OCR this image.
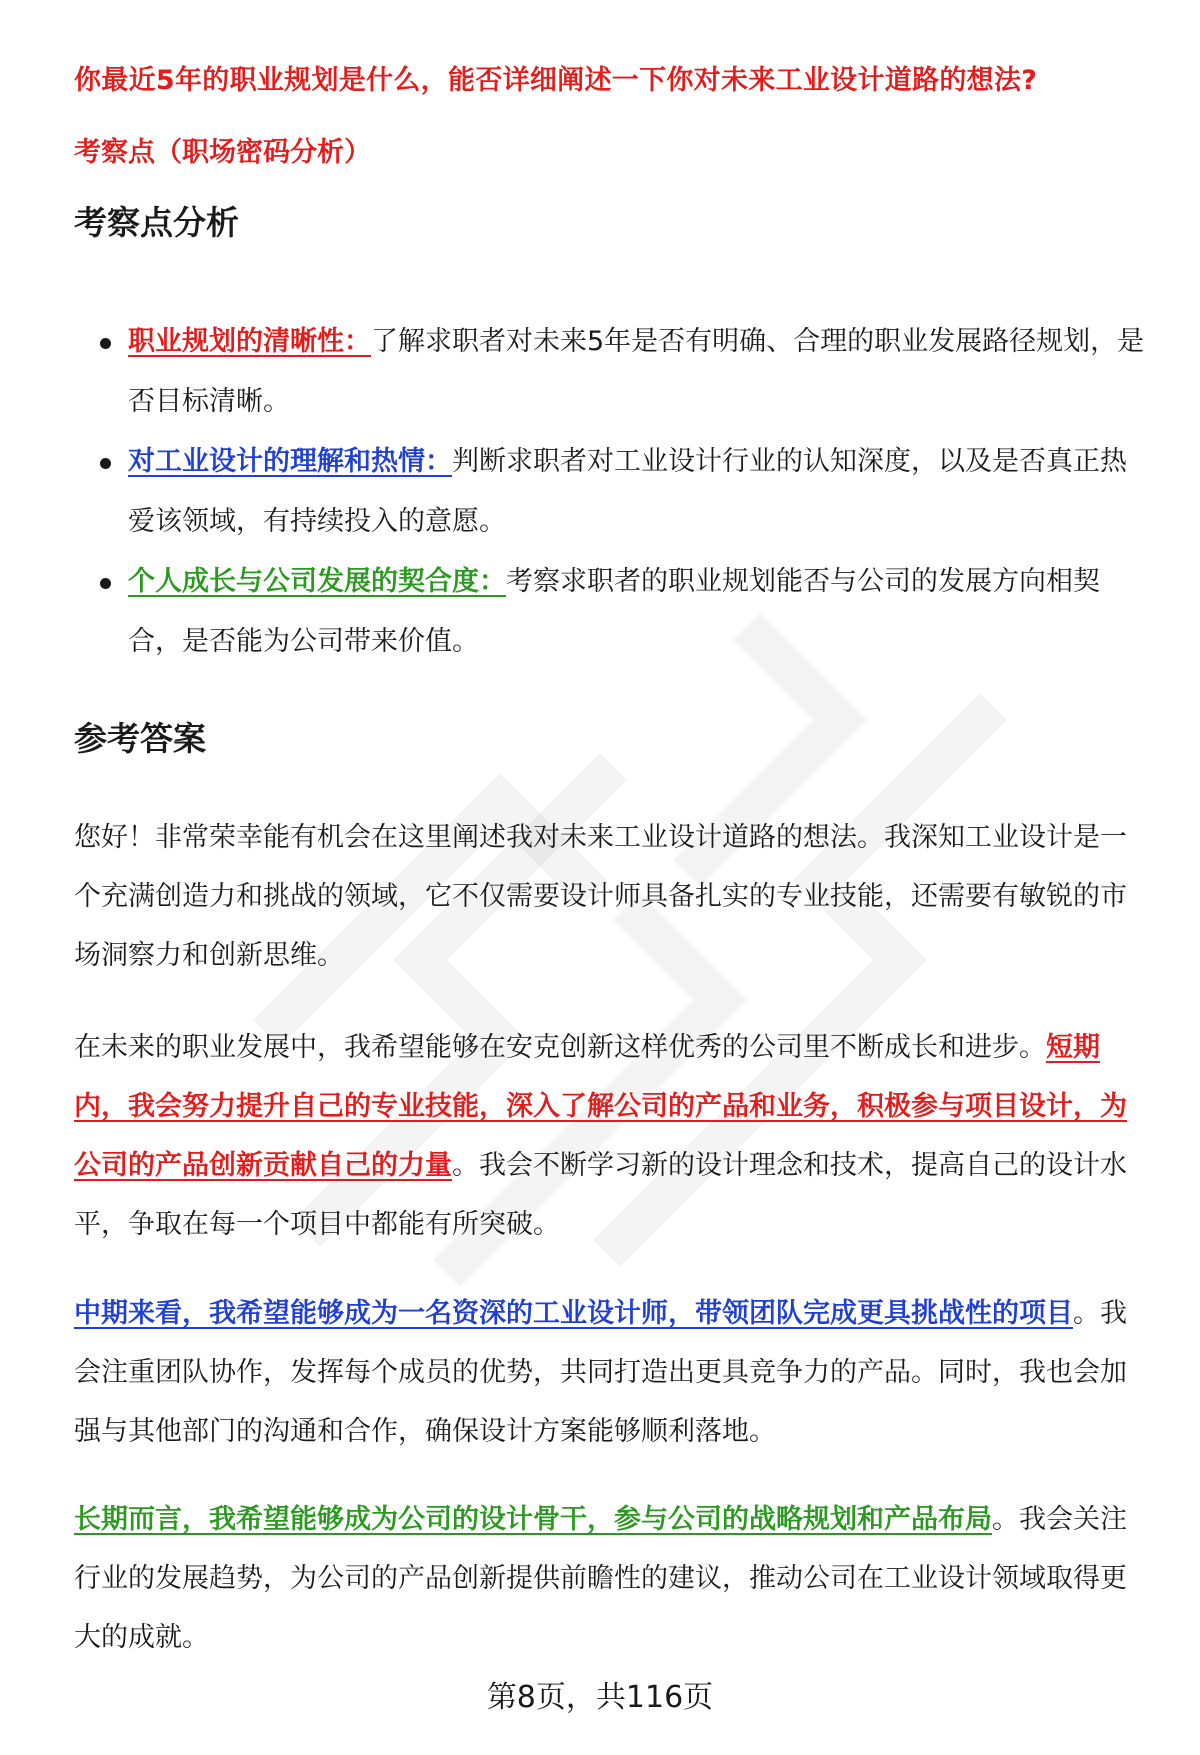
你最近5年的职业规划是什么，能否详细阐述一下你对未来工业设计道路的想法?
考察点（职场密码分析）
考察点分析
职业规划的清晰性：了解求职者对未来5年是否有明确、合理的职业发展路径规划，是否目标清晰。
对工业设计的理解和热情：判断求职者对工业设计行业的认知深度，以及是否真正热爱该领域，有持续投入的意愿。
个人成长与公司发展的契合度：考察求职者的职业规划能否与公司的发展方向相契合，是否能为公司带来价值。
参考答案

您好！非常荣幸能有机会在这里阐述我对未来工业设计道路的想法。我深知工业设计是一个充满创造力和挑战的领域，它不仅需要设计师具备扎实的专业技能，还需要有敏锐的市场洞察力和创新思维。

在未来的职业发展中，我希望能够在安克创新这样优秀的公司里不断成长和进步。短期内，我会努力提升自己的专业技能，深入了解公司的产品和业务，积极参与项目设计，为公司的产品创新贡献自己的力量。我会不断学习新的设计理念和技术，提高自己的设计水平，争取在每一个项目中都能有所突破。

中期来看，我希望能够成为一名资深的工业设计师，带领团队完成更具挑战性的项目。我会注重团队协作，发挥每个成员的优势，共同打造出更具竞争力的产品。同时，我也会加强与其他部门的沟通和合作，确保设计方案能够顺利落地。

长期而言，我希望能够成为公司的设计骨干，参与公司的战略规划和产品布局。我会关注行业的发展趋势，为公司的产品创新提供前瞻性的建议，推动公司在工业设计领域取得更大的成就。

第8页，共116页
